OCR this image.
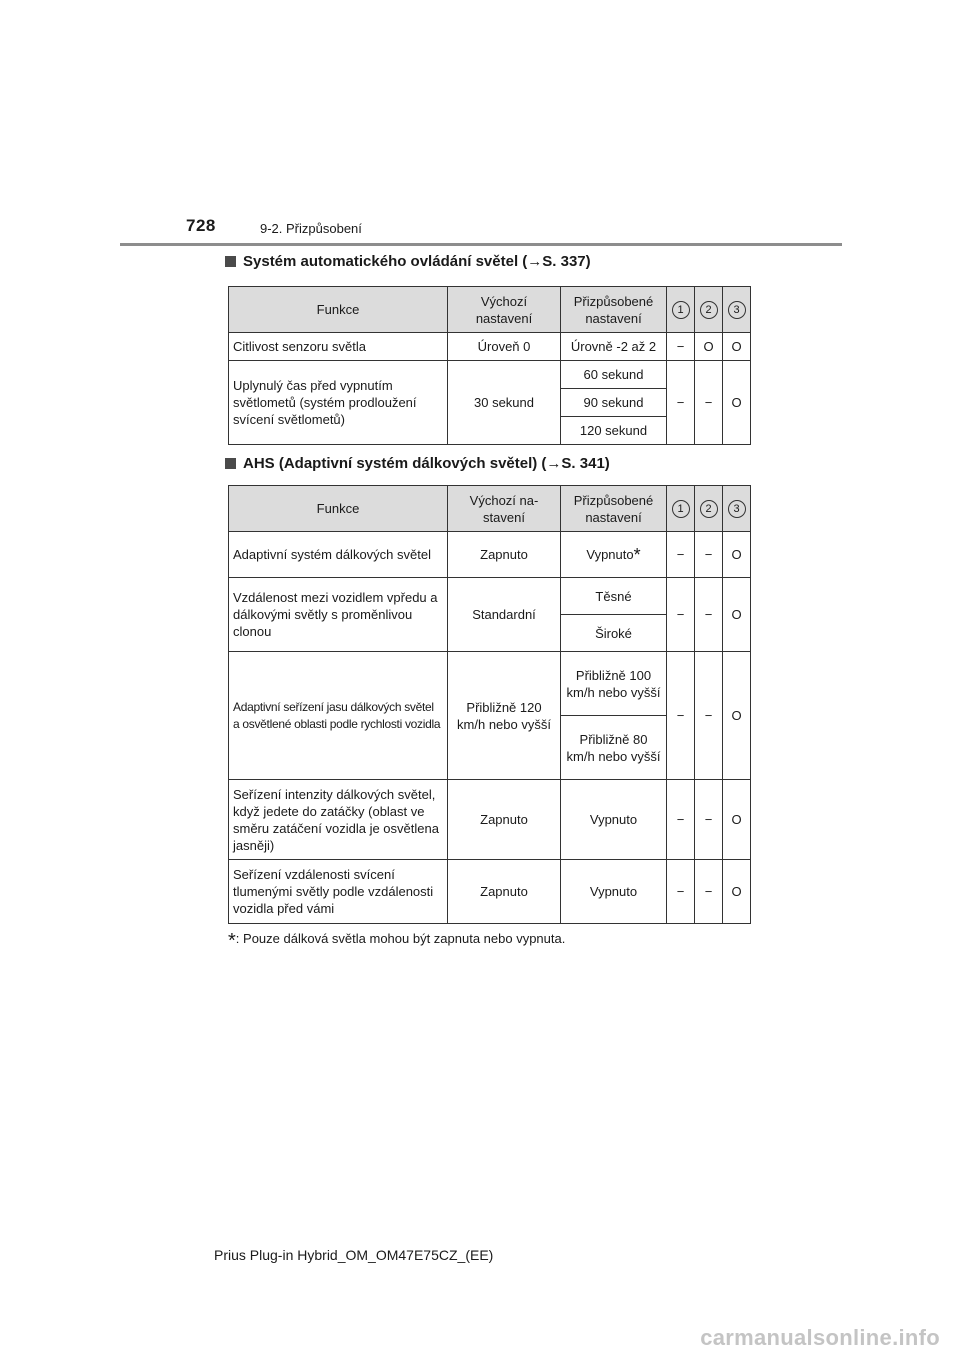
728	9-2. Přizpůsobení
Systém automatického ovládání světel (→S. 337)
Funkce	Výchozí nastavení	Přizpůsobené nastavení	1	2	3
Citlivost senzoru světla	Úroveň 0	Úrovně -2 až 2	−	O	O
Uplynulý čas před vypnutím světlometů (systém prodloužení svícení světlometů)	30 sekund	60 sekund	−	−	O
		90 sekund			
		120 sekund			
AHS (Adaptivní systém dálkových světel) (→S. 341)
Funkce	Výchozí na-stavení	Přizpůsobené nastavení	1	2	3
Adaptivní systém dálkových světel	Zapnuto	Vypnuto*	−	−	O
Vzdálenost mezi vozidlem vpředu a dálkovými světly s proměnlivou clonou	Standardní	Těsné	−	−	O
		Široké			
Adaptivní seřízení jasu dálkových světel a osvětlené oblasti podle rychlosti vozidla	Přibližně 120 km/h nebo vyšší	Přibližně 100 km/h nebo vyšší	−	−	O
		Přibližně 80 km/h nebo vyšší			
Seřízení intenzity dálkových světel, když jedete do zatáčky (oblast ve směru zatáčení vozidla je osvětlena jasněji)	Zapnuto	Vypnuto	−	−	O
Seřízení vzdálenosti svícení tlumenými světly podle vzdálenosti vozidla před vámi	Zapnuto	Vypnuto	−	−	O
*: Pouze dálková světla mohou být zapnuta nebo vypnuta.
Prius Plug-in Hybrid_OM_OM47E75CZ_(EE)
carmanualsonline.info
